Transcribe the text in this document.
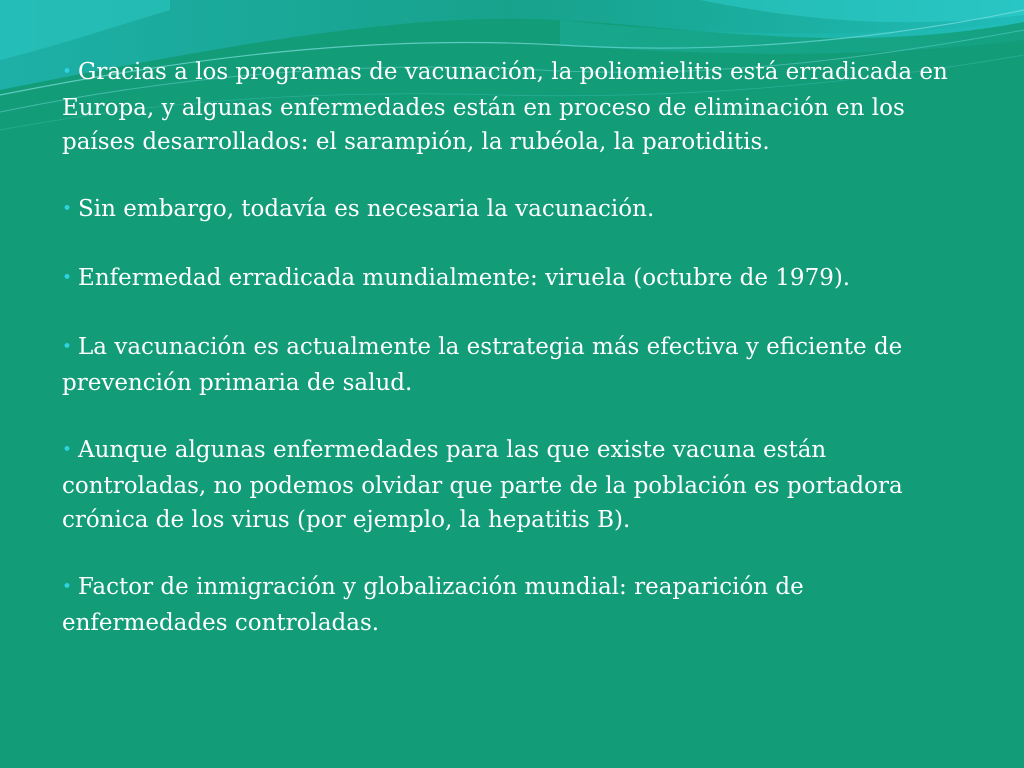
• Gracias a los programas de vacunación, la poliomielitis está erradicada en Europa, y algunas enfermedades están en proceso de eliminación en los países desarrollados: el sarampión, la rubéola, la parotiditis.

• Sin embargo, todavía es necesaria la vacunación.

• Enfermedad erradicada mundialmente: viruela (octubre de 1979).

• La vacunación es actualmente la estrategia más efectiva y eficiente de prevención primaria de salud.

• Aunque algunas enfermedades para las que existe vacuna están controladas, no podemos olvidar que parte de la población es portadora crónica de los virus (por ejemplo, la hepatitis B).

• Factor de inmigración y globalización mundial: reaparición de enfermedades controladas.
